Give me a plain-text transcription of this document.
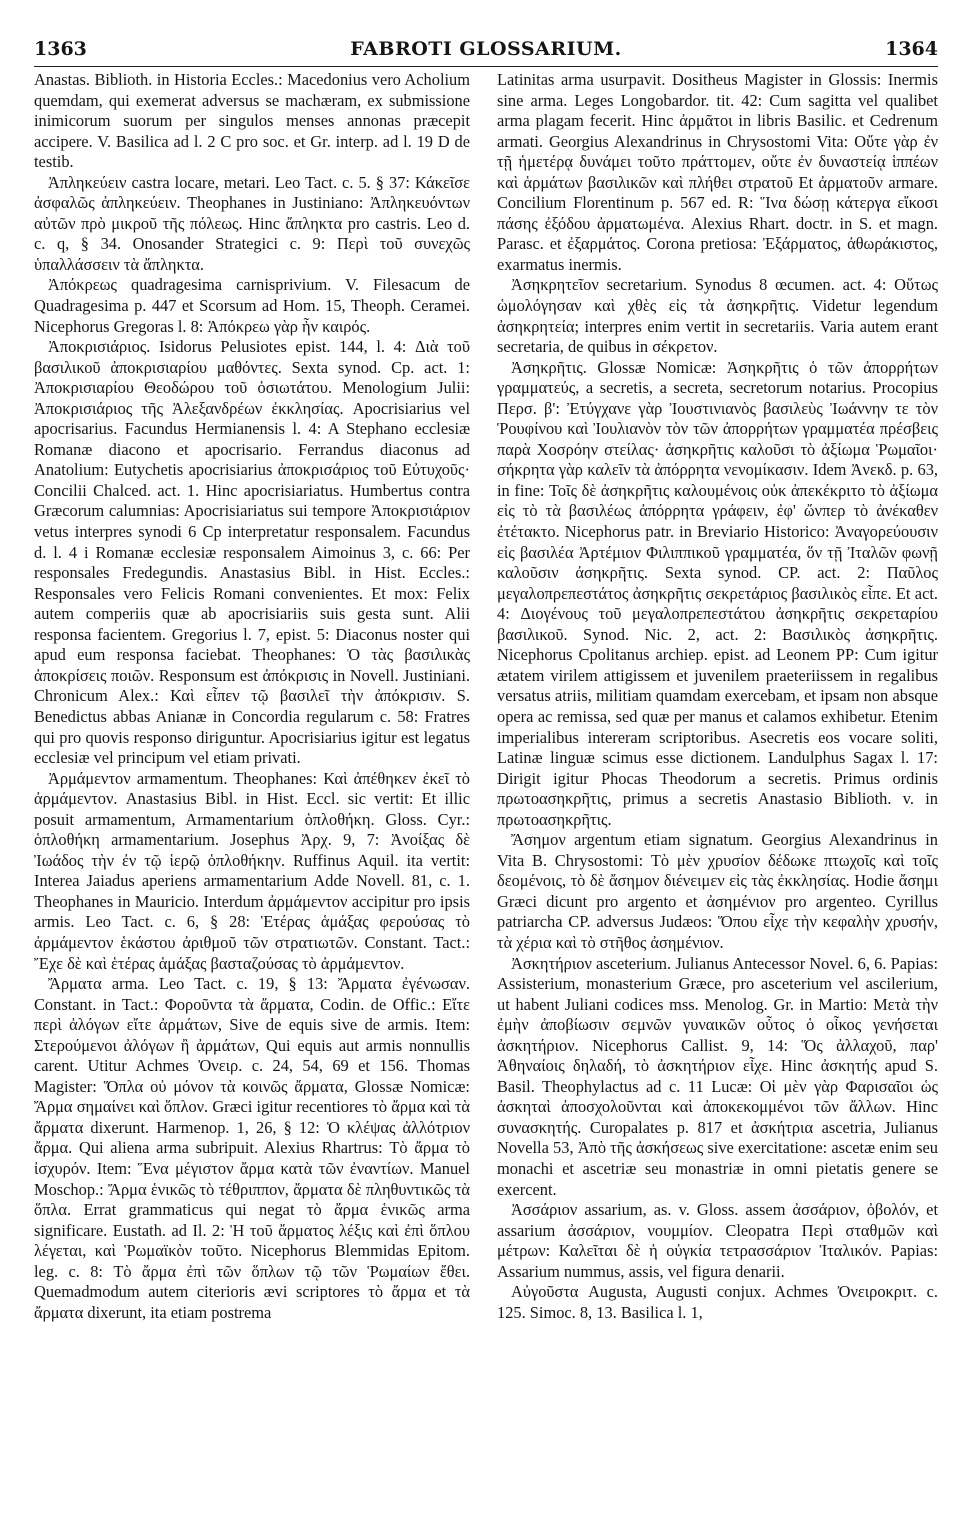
1363	FABROTI GLOSSARIUM.	1364

Anastas. Biblioth. in Historia Eccles.: Macedonius vero Acholium quemdam, qui exemerat adversus se machæram, ex submissione inimicorum suorum per singulos menses annonas præcepit accipere. V. Basilica ad l. 2 C pro soc. et Gr. interp. ad l. 19 D de testib.

Ἀπληκεύειν castra locare, metari. Leo Tact. c. 5. § 37: Κάκεῖσε ἀσφαλῶς ἀπληκεύειν. Theophanes in Justiniano: Ἀπληκευόντων αὐτῶν πρὸ μικροῦ τῆς πόλεως. Hinc ἄπληκτα pro castris. Leo d. c. q, § 34. Onosander Strategici c. 9: Περὶ τοῦ συνεχῶς ὑπαλλάσσειν τὰ ἄπληκτα.

Ἀπόκρεως quadragesima carnisprivium. V. Filesacum de Quadragesima p. 447 et Scorsum ad Hom. 15, Theoph. Ceramei. Nicephorus Gregoras l. 8: Ἀπόκρεω γὰρ ἦν καιρός.

Ἀποκρισιάριος. Isidorus Pelusiotes epist. 144, l. 4: Διὰ τοῦ βασιλικοῦ ἀποκρισιαρίου μαθόντες. Sexta synod. Cp. act. 1: Ἀποκρισιαρίου Θεοδώρου τοῦ ὁσιωτάτου. Menologium Julii: Ἀποκρισιάριος τῆς Ἀλεξανδρέων ἐκκλησίας. Apocrisiarius vel apocrisarius. Facundus Hermianensis l. 4: A Stephano ecclesiæ Romanæ diacono et apocrisario. Ferrandus diaconus ad Anatolium: Eutychetis apocrisiarius ἀποκρισάριος τοῦ Εὐτυχοῦς· Concilii Chalced. act. 1. Hinc apocrisiariatus. Humbertus contra Græcorum calumnias: Apocrisiariatus sui tempore Ἀποκρισιάριον vetus interpres synodi 6 Cp interpretatur responsalem. Facundus d. l. 4 i Romanæ ecclesiæ responsalem Aimoinus 3, c. 66: Per responsales Fredegundis. Anastasius Bibl. in Hist. Eccles.: Responsales vero Felicis Romani convenientes. Et mox: Felix autem comperiis quæ ab apocrisiariis suis gesta sunt. Alii responsa facientem. Gregorius l. 7, epist. 5: Diaconus noster qui apud eum responsa faciebat. Theophanes: Ὁ τὰς βασιλικὰς ἀποκρίσεις ποιῶν. Responsum est ἀπόκρισις in Novell. Justiniani. Chronicum Alex.: Καὶ εἶπεν τῷ βασιλεῖ τὴν ἀπόκρισιν. S. Benedictus abbas Anianæ in Concordia regularum c. 58: Fratres qui pro quovis responso diriguntur. Apocrisiarius igitur est legatus ecclesiæ vel principum vel etiam privati.

Ἀρμάμεντον armamentum. Theophanes: Καὶ ἀπέθηκεν ἐκεῖ τὸ ἀρμάμεντον. Anastasius Bibl. in Hist. Eccl. sic vertit: Et illic posuit armamentum, Armamentarium ὁπλοθήκη. Gloss. Cyr.: ὁπλοθήκη armamentarium. Josephus Ἀρχ. 9, 7: Ἀνοίξας δὲ Ἰωάδος τὴν ἐν τῷ ἱερῷ ὁπλοθήκην. Ruffinus Aquil. ita vertit: Interea Jaiadus aperiens armamentarium Adde Novell. 81, c. 1. Theophanes in Mauricio. Interdum ἀρμάμεντον accipitur pro ipsis armis. Leo Tact. c. 6, § 28: Ἑτέρας ἁμάξας φερούσας τὸ ἀρμάμεντον ἑκάστου ἀριθμοῦ τῶν στρατιωτῶν. Constant. Tact.: Ἔχε δὲ καὶ ἑτέρας ἁμάξας βασταζούσας τὸ ἀρμάμεντον.

Ἄρματα arma. Leo Tact. c. 19, § 13: Ἄρματα ἐγένωσαν. Constant. in Tact.: Φοροῦντα τὰ ἄρματα, Codin. de Offic.: Εἴτε περὶ ἀλόγων εἴτε ἀρμάτων, Sive de equis sive de armis. Item: Στερούμενοι ἀλόγων ἢ ἀρμάτων, Qui equis aut armis nonnullis carent. Utitur Achmes Ὀνειρ. c. 24, 54, 69 et 156. Thomas Magister: Ὅπλα οὐ μόνον τὰ κοινῶς ἄρματα, Glossæ Nomicæ: Ἄρμα σημαίνει καὶ ὅπλον. Græci igitur recentiores τὸ ἄρμα καὶ τὰ ἄρματα dixerunt. Harmenop. 1, 26, § 12: Ὁ κλέψας ἀλλότριον ἄρμα. Qui aliena arma subripuit. Alexius Rhartrus: Τὸ ἄρμα τὸ ἰσχυρόν. Item: Ἕνα μέγιστον ἄρμα κατὰ τῶν ἐναντίων. Manuel Moschop.: Ἄρμα ἑνικῶς τὸ τέθριππον, ἄρματα δὲ πληθυντικῶς τὰ ὅπλα. Errat grammaticus qui negat τὸ ἄρμα ἑνικῶς arma significare. Eustath. ad Il. 2: Ἡ τοῦ ἄρματος λέξις καὶ ἐπὶ ὅπλου λέγεται, καὶ Ῥωμαϊκὸν τοῦτο. Nicephorus Blemmidas Epitom. leg. c. 8: Τὸ ἄρμα ἐπὶ τῶν ὅπλων τῷ τῶν Ῥωμαίων ἔθει. Quemadmodum autem citerioris ævi scriptores τὸ ἄρμα et τὰ ἄρματα dixerunt, ita etiam postrema

Latinitas arma usurpavit. Dositheus Magister in Glossis: Inermis sine arma. Leges Longobardor. tit. 42: Cum sagitta vel qualibet arma plagam fecerit. Hinc ἀρμᾶτοι in libris Basilic. et Cedrenum armati. Georgius Alexandrinus in Chrysostomi Vita: Οὔτε γὰρ ἐν τῇ ἡμετέρᾳ δυνάμει τοῦτο πράττομεν, οὔτε ἐν δυναστείᾳ ἱππέων καὶ ἁρμάτων βασιλικῶν καὶ πλήθει στρατοῦ Et ἀρματοῦν armare. Concilium Florentinum p. 567 ed. R: Ἵνα δώσῃ κάτεργα εἴκοσι πάσης ἐξόδου ἀρματωμένα. Alexius Rhart. doctr. in S. et magn. Parasc. et ἐξαρμάτος. Corona pretiosa: Ἐξάρματος, ἀθωράκιστος, exarmatus inermis.

Ἀσηκρητεῖον secretarium. Synodus 8 œcumen. act. 4: Οὕτως ὡμολόγησαν καὶ χθὲς εἰς τὰ ἀσηκρῆτις. Videtur legendum ἀσηκρητεία; interpres enim vertit in secretariis. Varia autem erant secretaria, de quibus in σέκρετον.

Ἀσηκρῆτις. Glossæ Nomicæ: Ἀσηκρῆτις ὁ τῶν ἀπορρήτων γραμματεύς, a secretis, a secreta, secretorum notarius. Procopius Περσ. β': Ἐτύγχανε γὰρ Ἰουστινιανὸς βασιλεὺς Ἰωάννην τε τὸν Ῥουφίνου καὶ Ἰουλιανὸν τὸν τῶν ἀπορρήτων γραμματέα πρέσβεις παρὰ Χοσρόην στείλας· ἀσηκρῆτις καλοῦσι τὸ ἀξίωμα Ῥωμαῖοι· σήκρητα γὰρ καλεῖν τὰ ἀπόρρητα νενομίκασιν. Idem Ἀνεκδ. p. 63, in fine: Τοῖς δὲ ἀσηκρῆτις καλουμένοις οὐκ ἀπεκέκριτο τὸ ἀξίωμα εἰς τὸ τὰ βασιλέως ἀπόρρητα γράφειν, ἐφ' ὤνπερ τὸ ἀνέκαθεν ἐτέτακτο. Nicephorus patr. in Breviario Historico: Ἀναγορεύουσιν εἰς βασιλέα Ἀρτέμιον Φιλιππικοῦ γραμματέα, ὅν τῇ Ἰταλῶν φωνῇ καλοῦσιν ἀσηκρῆτις. Sexta synod. CP. act. 2: Παῦλος μεγαλοπρεπεστάτος ἀσηκρῆτις σεκρετάριος βασιλικὸς εἶπε. Et act. 4: Διογένους τοῦ μεγαλοπρεπεστάτου ἀσηκρῆτις σεκρεταρίου βασιλικοῦ. Synod. Nic. 2, act. 2: Βασιλικὸς ἀσηκρῆτις. Nicephorus Cpolitanus archiep. epist. ad Leonem PP: Cum igitur ætatem virilem attigissem et juvenilem praeteriissem in regalibus versatus atriis, militiam quamdam exercebam, et ipsam non absque opera ac remissa, sed quæ per manus et calamos exhibetur. Etenim imperialibus intereram scriptoribus. Asecretis eos vocare soliti, Latinæ linguæ scimus esse dictionem. Landulphus Sagax l. 17: Dirigit igitur Phocas Theodorum a secretis. Primus ordinis πρωτοασηκρῆτις, primus a secretis Anastasio Biblioth. v. in πρωτοασηκρῆτις.

Ἄσημον argentum etiam signatum. Georgius Alexandrinus in Vita B. Chrysostomi: Τὸ μὲν χρυσίον δέδωκε πτωχοῖς καὶ τοῖς δεομένοις, τὸ δὲ ἄσημον διένειμεν εἰς τὰς ἐκκλησίας. Hodie ἄσημι Græci dicunt pro argento et ἀσημένιον pro argenteo. Cyrillus patriarcha CP. adversus Judæos: Ὅπου εἶχε τὴν κεφαλὴν χρυσήν, τὰ χέρια καὶ τὸ στῆθος ἀσημένιον.

Ἀσκητήριον asceterium. Julianus Antecessor Novel. 6, 6. Papias: Assisterium, monasterium Græce, pro asceterium vel ascilerium, ut habent Juliani codices mss. Menolog. Gr. in Martio: Μετὰ τὴν ἐμὴν ἀποβίωσιν σεμνῶν γυναικῶν οὗτος ὁ οἶκος γενήσεται ἀσκητήριον. Nicephorus Callist. 9, 14: Ὅς ἀλλαχοῦ, παρ' Ἀθηναίοις δηλαδή, τὸ ἀσκητήριον εἶχε. Hinc ἀσκητής apud S. Basil. Theophylactus ad c. 11 Lucæ: Οἱ μὲν γὰρ Φαρισαῖοι ὡς ἀσκηταὶ ἀποσχολοῦνται καὶ ἀποκεκομμένοι τῶν ἄλλων. Hinc συνασκητής. Curopalates p. 817 et ἀσκήτρια ascetria, Julianus Novella 53, Ἀπὸ τῆς ἀσκήσεως sive exercitatione: ascetæ enim seu monachi et ascetriæ seu monastriæ in omni pietatis genere se exercent.

Ἀσσάριον assarium, as. v. Gloss. assem ἀσσάριον, ὀβολόν, et assarium ἀσσάριον, νουμμίον. Cleopatra Περὶ σταθμῶν καὶ μέτρων: Καλεῖται δὲ ἡ οὐγκία τετρασσάριον Ἰταλικόν. Papias: Assarium nummus, assis, vel figura denarii.

Αὐγοῦστα Augusta, Augusti conjux. Achmes Ὀνειροκριτ. c. 125. Simoc. 8, 13. Basilica l. 1,
